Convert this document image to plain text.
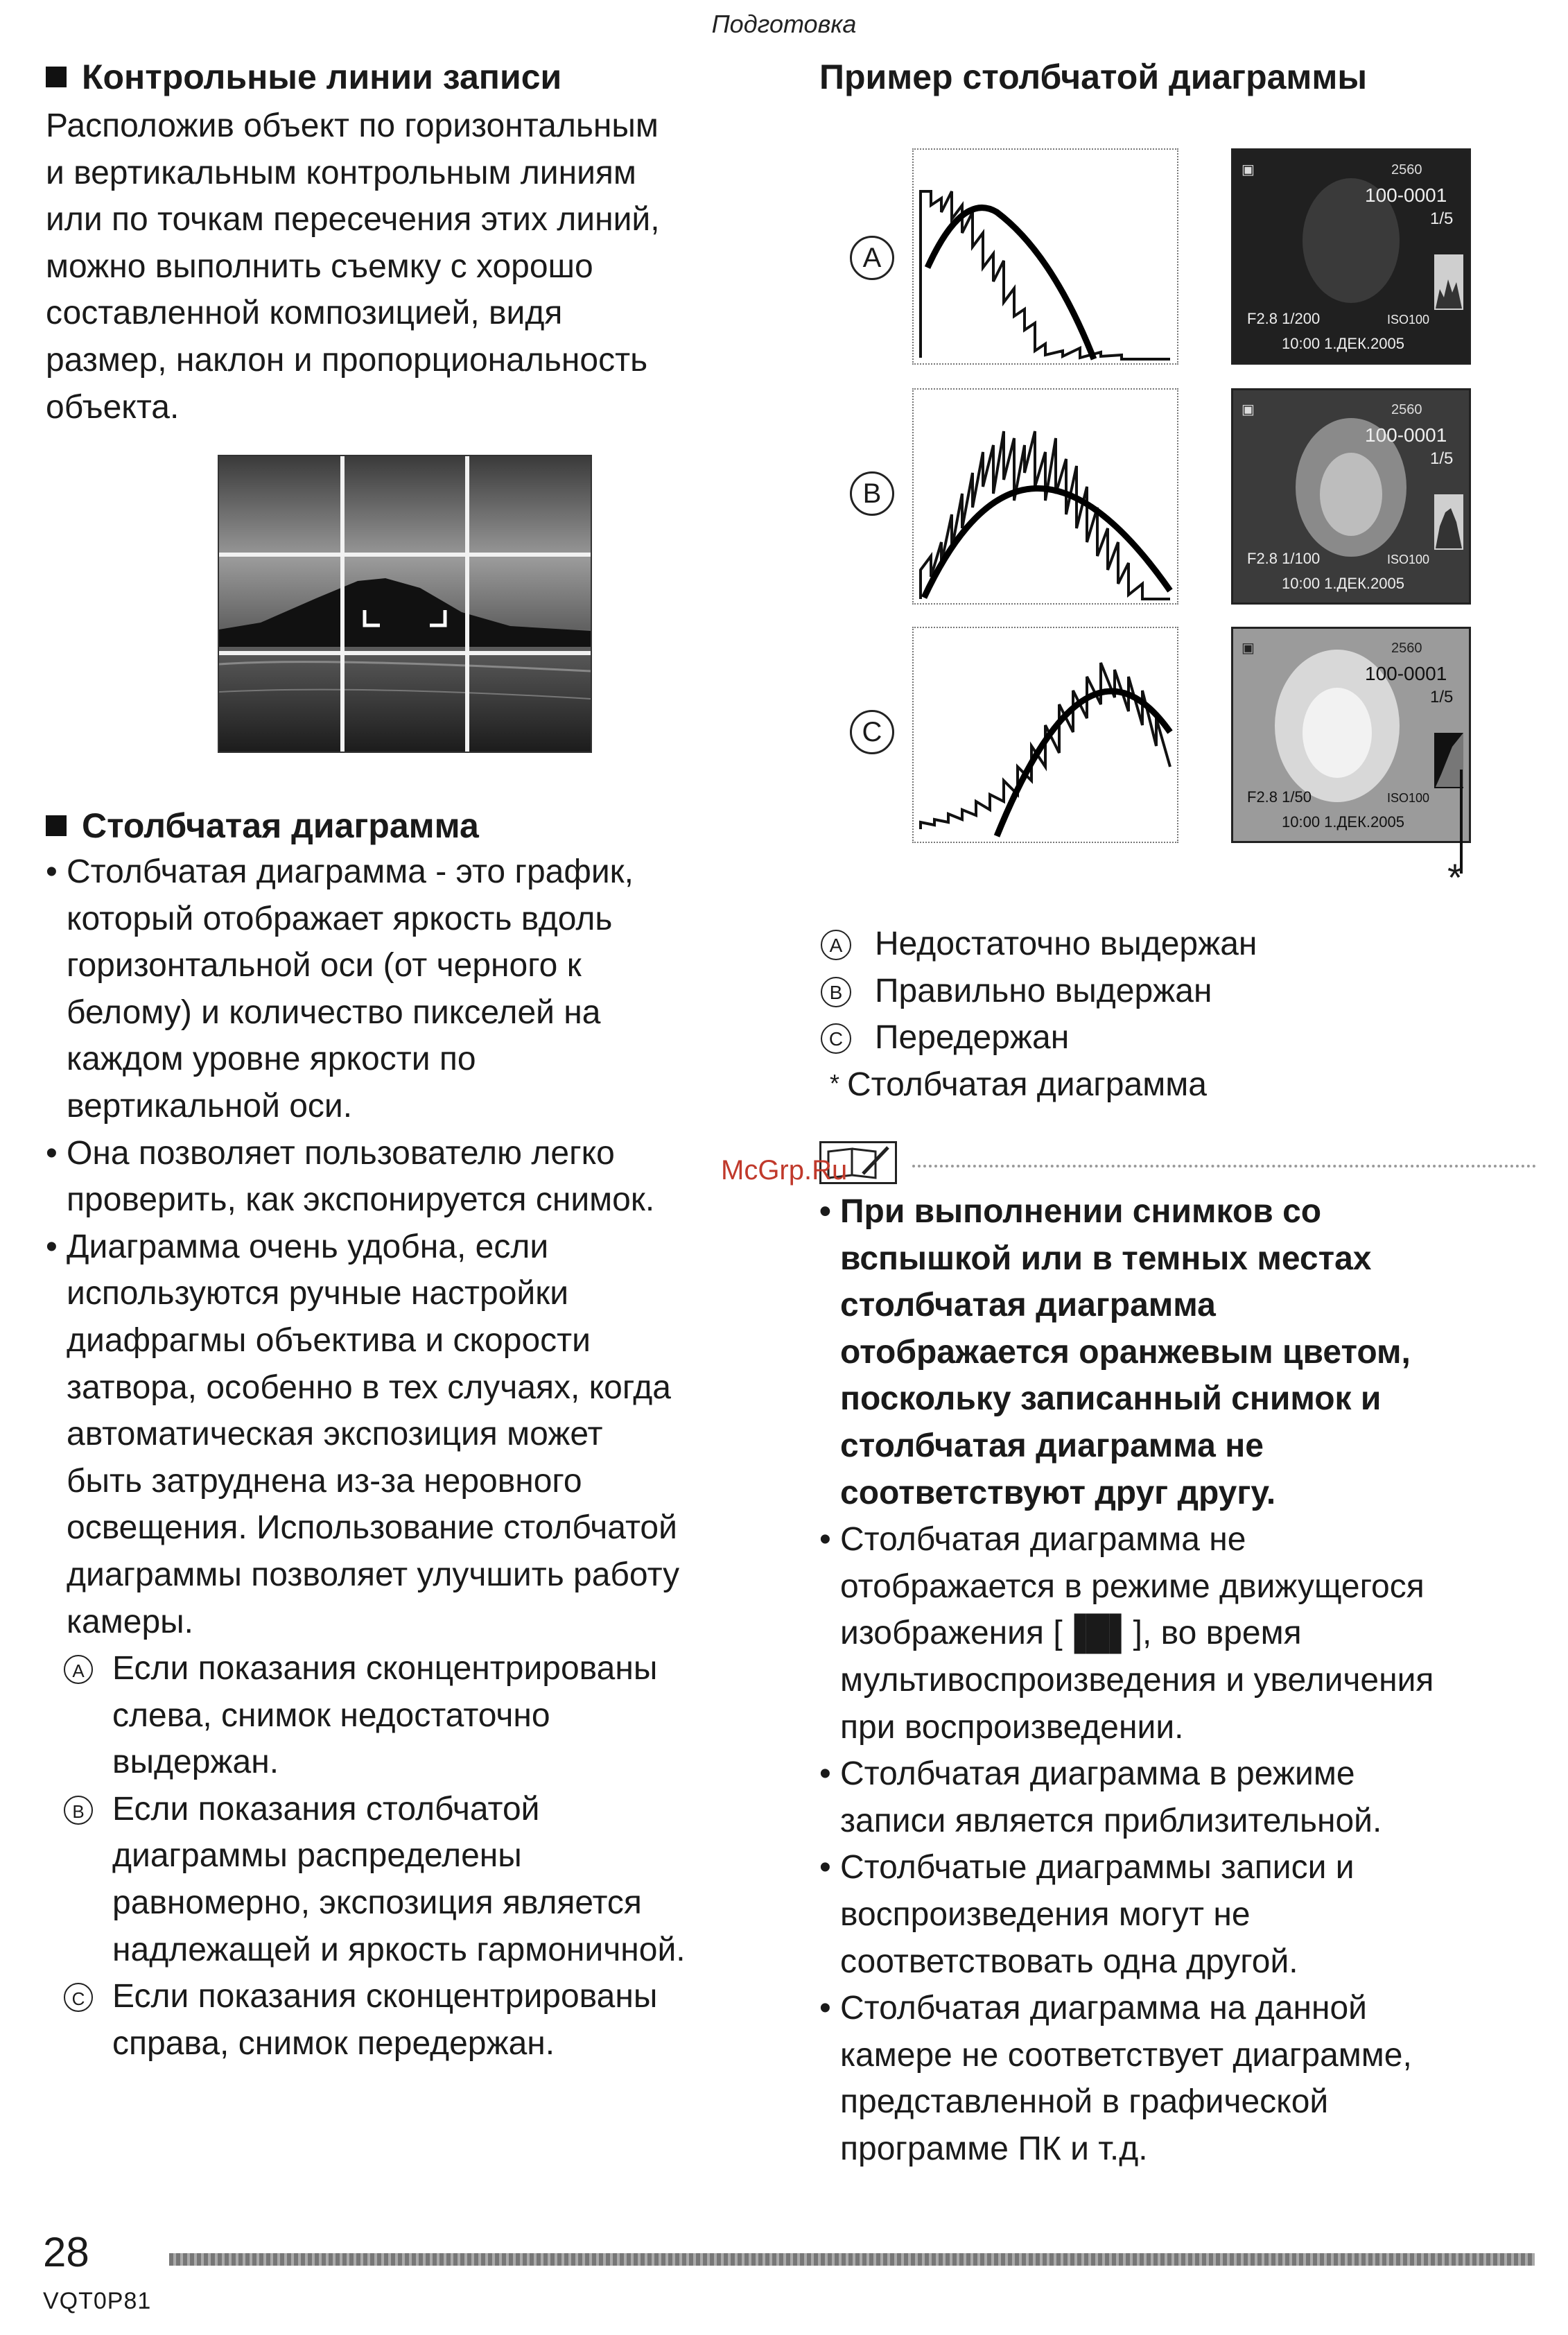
Подготовка
Контрольные линии записи

Расположив объект по горизонтальным

и вертикальным контрольным линиям

или по точкам пересечения этих линий,

можно выполнить съемку с хорошо

составленной композицией, видя

размер, наклон и пропорциональность

объекта.

Столбчатая диаграмма
• Столбчатая диаграмма - это график,
который отображает яркость вдоль
горизонтальной оси (от черного к
белому) и количество пикселей на
каждом уровне яркости по
вертикальной оси.
• Она позволяет пользователю легко
проверить, как экспонируется снимок.
• Диаграмма очень удобна, если
используются ручные настройки
диафрагмы объектива и скорости
затвора, особенно в тех случаях, когда
автоматическая экспозиция может
быть затруднена из-за неровного
освещения. Использование столбчатой
диаграммы позволяет улучшить работу
камеры.
A Если показания сконцентрированы
слева, снимок недостаточно
выдержан.
B Если показания столбчатой
диаграммы распределены
равномерно, экспозиция является
надлежащей и яркость гармоничной.
C Если показания сконцентрированы
справа, снимок передержан.
Пример столбчатой диаграммы
A
▣	2560
100-0001
1/5
F2.8 1/200	ISO100
10:00 1.ДЕК.2005
B
▣	2560
100-0001
1/5
F2.8 1/100	ISO100
10:00 1.ДЕК.2005
C
▣	2560
100-0001
1/5
F2.8 1/50	ISO100
10:00 1.ДЕК.2005
*
A Недостаточно выдержан
B Правильно выдержан
C Передержан
* Столбчатая диаграмма
McGrp.Ru
• При выполнении снимков со
вспышкой или в темных местах
столбчатая диаграмма
отображается оранжевым цветом,
поскольку записанный снимок и
столбчатая диаграмма не
соответствуют друг другу.
• Столбчатая диаграмма не
отображается в режиме движущегося
изображения [▐█▌], во время
мультивоспроизведения и увеличения
при воспроизведении.
• Столбчатая диаграмма в режиме
записи является приблизительной.
• Столбчатые диаграммы записи и
воспроизведения могут не
соответствовать одна другой.
• Столбчатая диаграмма на данной
камере не соответствует диаграмме,
представленной в графической
программе ПК и т.д.
28
VQT0P81
